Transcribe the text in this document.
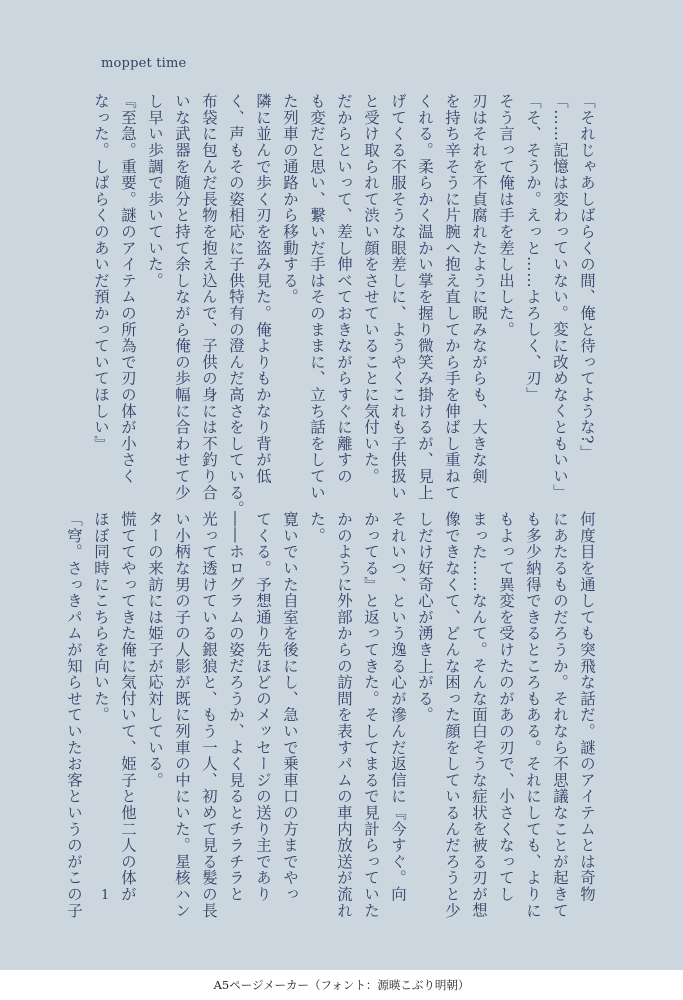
moppet time

「それじゃあしばらくの間、俺と待ってような?」

「……記憶は変わっていない。変に改めなくともいい」

「そ、そうか。えっと……よろしく、刃」

そう言って俺は手を差し出した。

刃はそれを不貞腐れたように睨みながらも、大きな剣

を持ち辛そうに片腕へ抱え直してから手を伸ばし重ねて

くれる。柔らかく温かい掌を握り微笑み掛けるが、見上

げてくる不服そうな眼差しに、ようやくこれも子供扱い

と受け取られて渋い顔をさせていることに気付いた。

だからといって、差し伸べておきながらすぐに離すの

も変だと思い、繋いだ手はそのままに、立ち話をしてい

た列車の通路から移動する。

隣に並んで歩く刃を盗み見た。俺よりもかなり背が低

く、声もその姿相応に子供特有の澄んだ高さをしている。

布袋に包んだ長物を抱え込んで、子供の身には不釣り合

いな武器を随分と持て余しながら俺の歩幅に合わせて少

し早い歩調で歩いていた。

『至急。重要。謎のアイテムの所為で刃の体が小さく

なった。しばらくのあいだ預かっていてほしい』

何度目を通しても突飛な話だ。謎のアイテムとは奇物

にあたるものだろうか。それなら不思議なことが起きて

も多少納得できるところもある。それにしても、よりに

もよって異変を受けたのがあの刃で、小さくなってし

まった……なんて。そんな面白そうな症状を被る刃が想

像できなくて、どんな困った顔をしているんだろうと少

しだけ好奇心が湧き上がる。

それいつ、という逸る心が滲んだ返信に『今すぐ。向

かってる』と返ってきた。そしてまるで見計らっていた

かのように外部からの訪問を表すパムの車内放送が流れ

た。

寛いでいた自室を後にし、急いで乗車口の方までやっ

てくる。予想通り先ほどのメッセージの送り主であり

――ホログラムの姿だろうか、よく見るとチラチラと

光って透けている銀狼と、もう一人、初めて見る髪の長

い小柄な男の子の人影が既に列車の中にいた。星核ハン

ターの来訪には姫子が応対している。

慌ててやってきた俺に気付いて、姫子と他二人の体が

ほぼ同時にこちらを向いた。

「穹。さっきパムが知らせていたお客というのがこの子	1
A5ページメーカー（フォント：源暎こぶり明朝）
